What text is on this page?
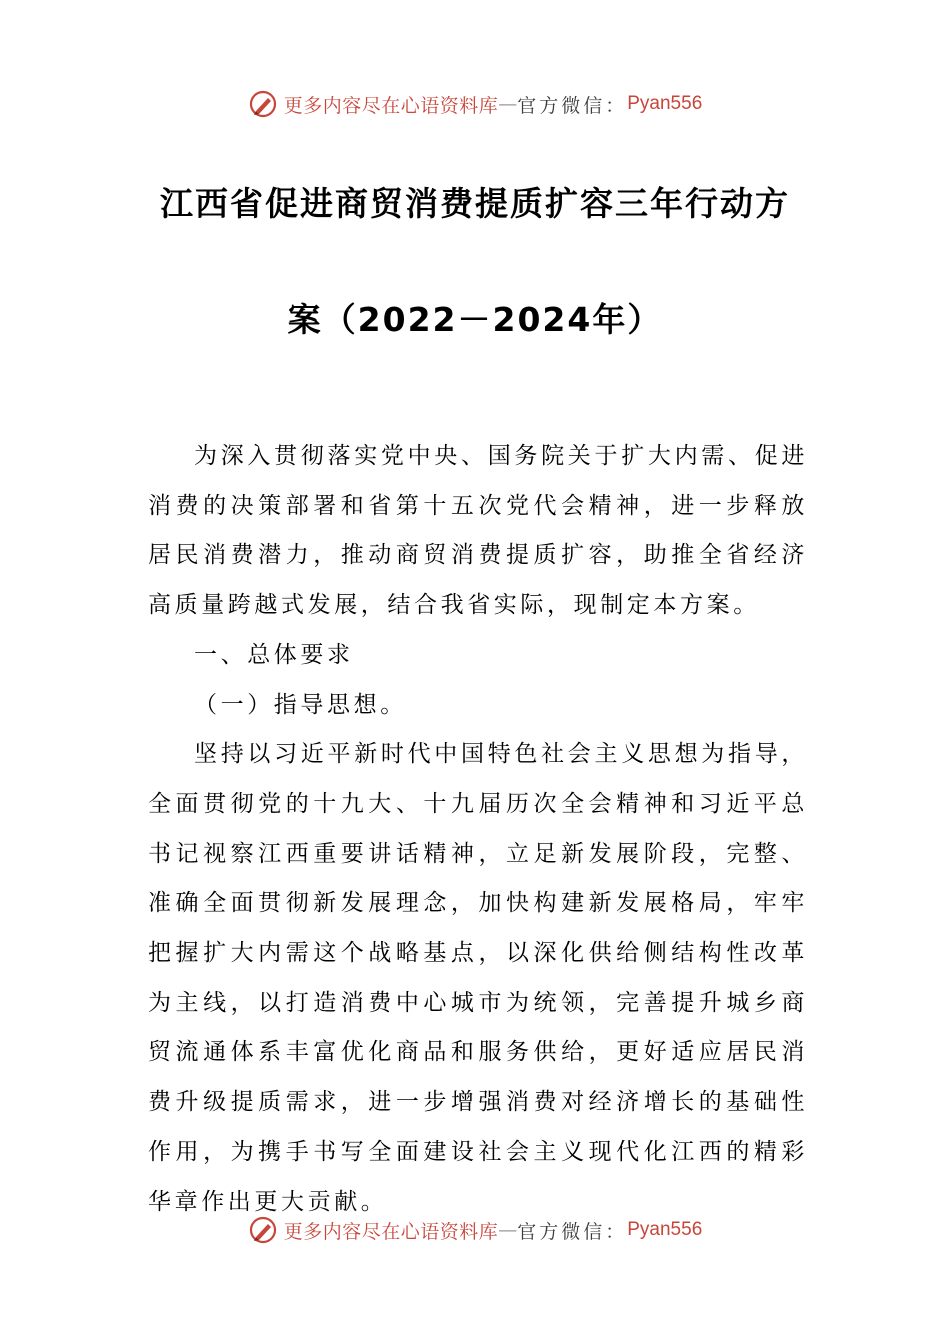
更多内容尽在心语资料库 — 官方微信： Pyan556
江西省促进商贸消费提质扩容三年行动方
案（2022－2024年）

为深入贯彻落实党中央、国务院关于扩大内需、促进消费的决策部署和省第十五次党代会精神，进一步释放居民消费潜力，推动商贸消费提质扩容，助推全省经济高质量跨越式发展，结合我省实际，现制定本方案。

一、总体要求

（一）指导思想。

坚持以习近平新时代中国特色社会主义思想为指导，全面贯彻党的十九大、十九届历次全会精神和习近平总书记视察江西重要讲话精神，立足新发展阶段，完整、准确全面贯彻新发展理念，加快构建新发展格局，牢牢把握扩大内需这个战略基点，以深化供给侧结构性改革为主线，以打造消费中心城市为统领，完善提升城乡商贸流通体系丰富优化商品和服务供给，更好适应居民消费升级提质需求，进一步增强消费对经济增长的基础性作用，为携手书写全面建设社会主义现代化江西的精彩华章作出更大贡献。

更多内容尽在心语资料库 — 官方微信： Pyan556
